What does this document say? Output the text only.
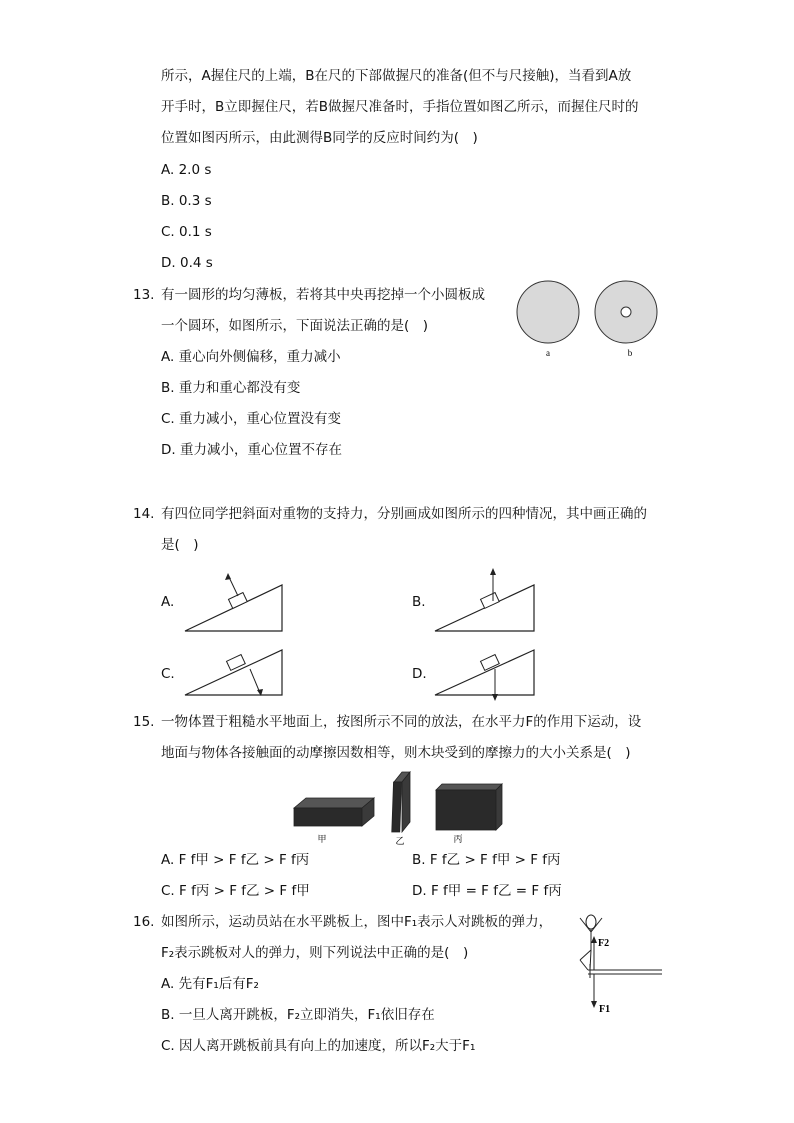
所示，A握住尺的上端，B在尺的下部做握尺的准备(但不与尺接触)，当看到A放
开手时，B立即握住尺，若B做握尺准备时，手指位置如图乙所示，而握住尺时的
位置如图丙所示，由此测得B同学的反应时间约为(　)
A. 2.0 s
B. 0.3 s
C. 0.1 s
D. 0.4 s
13. 有一圆形的均匀薄板，若将其中央再挖掉一个小圆板成
一个圆环，如图所示，下面说法正确的是(　)
A. 重心向外侧偏移，重力减小
B. 重力和重心都没有变
C. 重力减小，重心位置没有变
D. 重力减小，重心位置不存在
a	b
14. 有四位同学把斜面对重物的支持力，分别画成如图所示的四种情况，其中画正确的
是(　)
A.	B.
C.	D.
15. 一物体置于粗糙水平地面上，按图所示不同的放法，在水平力F的作用下运动，设
地面与物体各接触面的动摩擦因数相等，则木块受到的摩擦力的大小关系是(　)
甲	乙	丙
A. F f甲 > F f乙 > F f丙	B. F f乙 > F f甲 > F f丙
C. F f丙 > F f乙 > F f甲	D. F f甲 = F f乙 = F f丙
16. 如图所示，运动员站在水平跳板上，图中F₁表示人对跳板的弹力，
F₂表示跳板对人的弹力，则下列说法中正确的是(　)
A. 先有F₁后有F₂
B. 一旦人离开跳板，F₂立即消失，F₁依旧存在
C. 因人离开跳板前具有向上的加速度，所以F₂大于F₁
F2
F1
